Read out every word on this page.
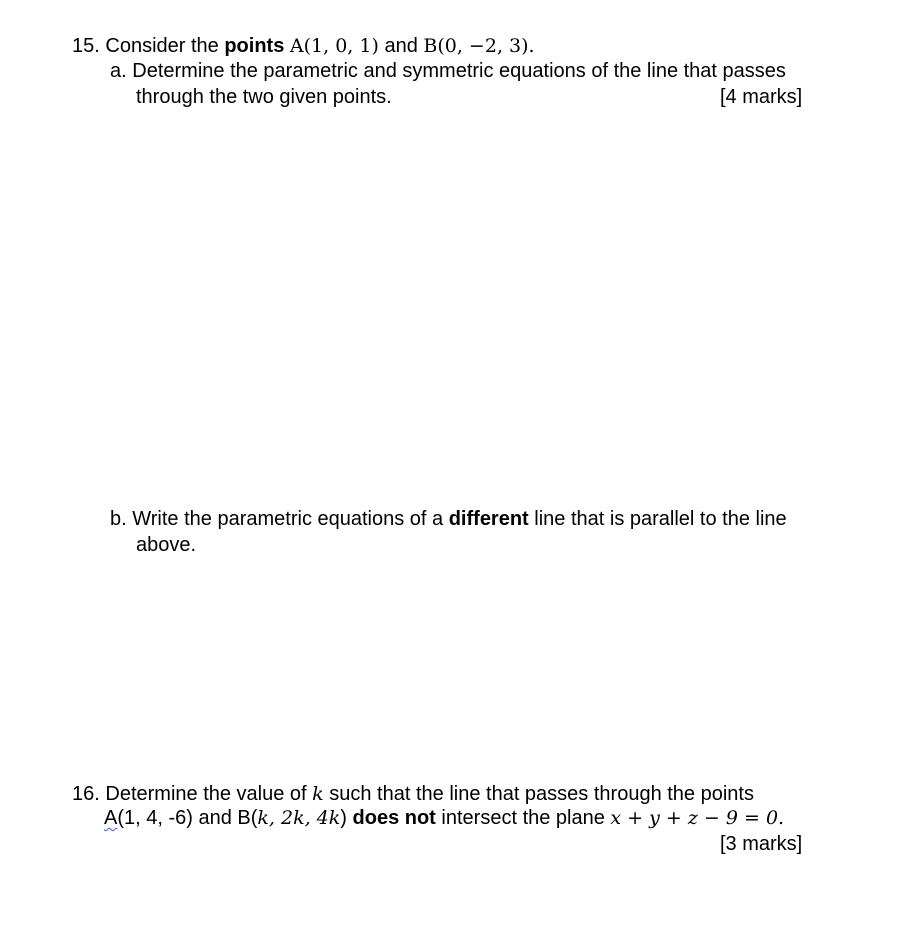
15. Consider the points A(1, 0, 1) and B(0, −2, 3).
a. Determine the parametric and symmetric equations of the line that passes
through the two given points.	[4 marks]
b. Write the parametric equations of a different line that is parallel to the line
above.
16. Determine the value of k such that the line that passes through the points
A(1, 4, -6) and B(k, 2k, 4k) does not intersect the plane x + y + z − 9 = 0.
[3 marks]
